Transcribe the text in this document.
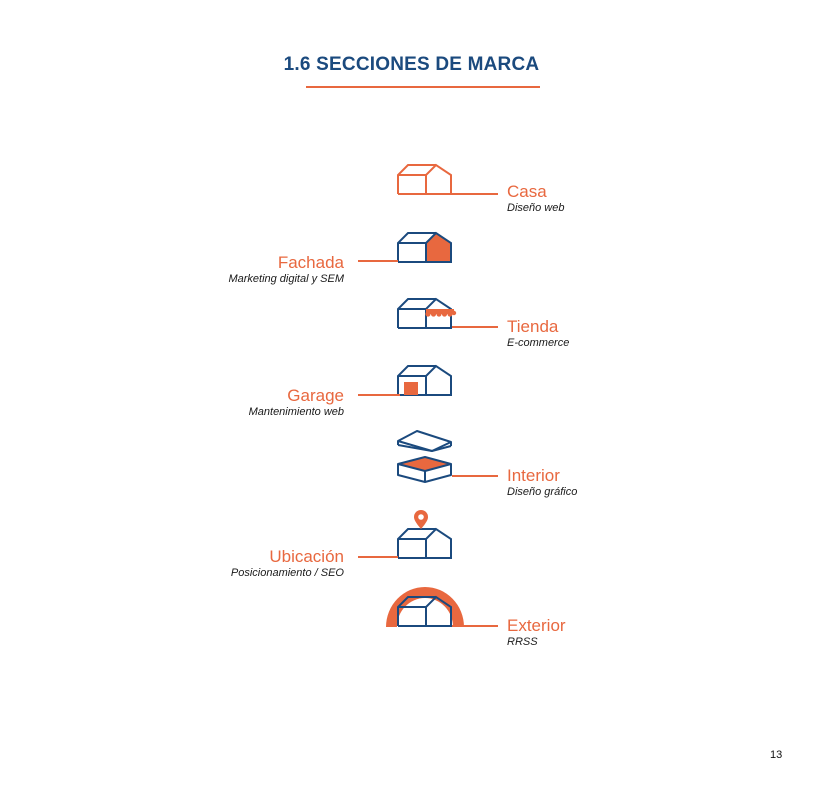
1.6 SECCIONES DE MARCA
Casa
Diseño web
Fachada
Marketing digital y SEM
Tienda
E-commerce
Garage
Mantenimiento web
Interior
Diseño gráfico
Ubicación
Posicionamiento / SEO
Exterior
RRSS
13
